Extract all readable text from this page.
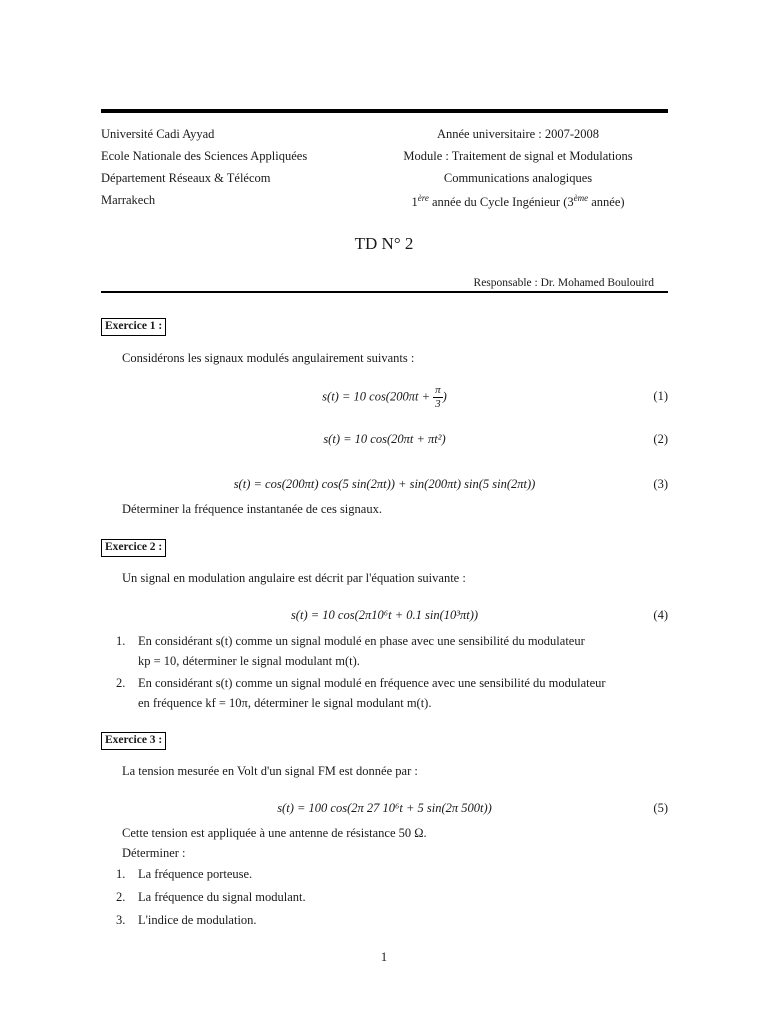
Université Cadi Ayyad
Ecole Nationale des Sciences Appliquées
Département Réseaux & Télécom
Marrakech
Année universitaire : 2007-2008
Module : Traitement de signal et Modulations
Communications analogiques
1ère année du Cycle Ingénieur (3ème année)
TD N° 2
Responsable : Dr. Mohamed Boulouird
Exercice 1 :
Considérons les signaux modulés angulairement suivants :
s(t) = 10 $\cos(200\pi t + \frac{\pi}{3}$ )	(1)
s(t) = 10 cos(20πt + πt²)	(2)
s(t) = cos(200πt) cos(5 sin(2πt)) + sin(200πt) sin(5 sin(2πt))	(3)
Déterminer la fréquence instantanée de ces signaux.
Exercice 2 :
Un signal en modulation angulaire est décrit par l'équation suivante :
s(t) = 10 cos(2π10⁶t + 0.1 sin(10³πt))	(4)
1.	En considérant s(t) comme un signal modulé en phase avec une sensibilité du modulateur
kp = 10, déterminer le signal modulant m(t).
2.	En considérant s(t) comme un signal modulé en fréquence avec une sensibilité du modulateur
en fréquence kf = 10π, déterminer le signal modulant m(t).
Exercice 3 :
La tension mesurée en Volt d'un signal FM est donnée par :
s(t) = 100 cos(2π 27 10⁶t + 5 sin(2π 500t))	(5)
Cette tension est appliquée à une antenne de résistance 50 Ω.
Déterminer :
1.	La fréquence porteuse.
2.	La fréquence du signal modulant.
3.	L'indice de modulation.
1
